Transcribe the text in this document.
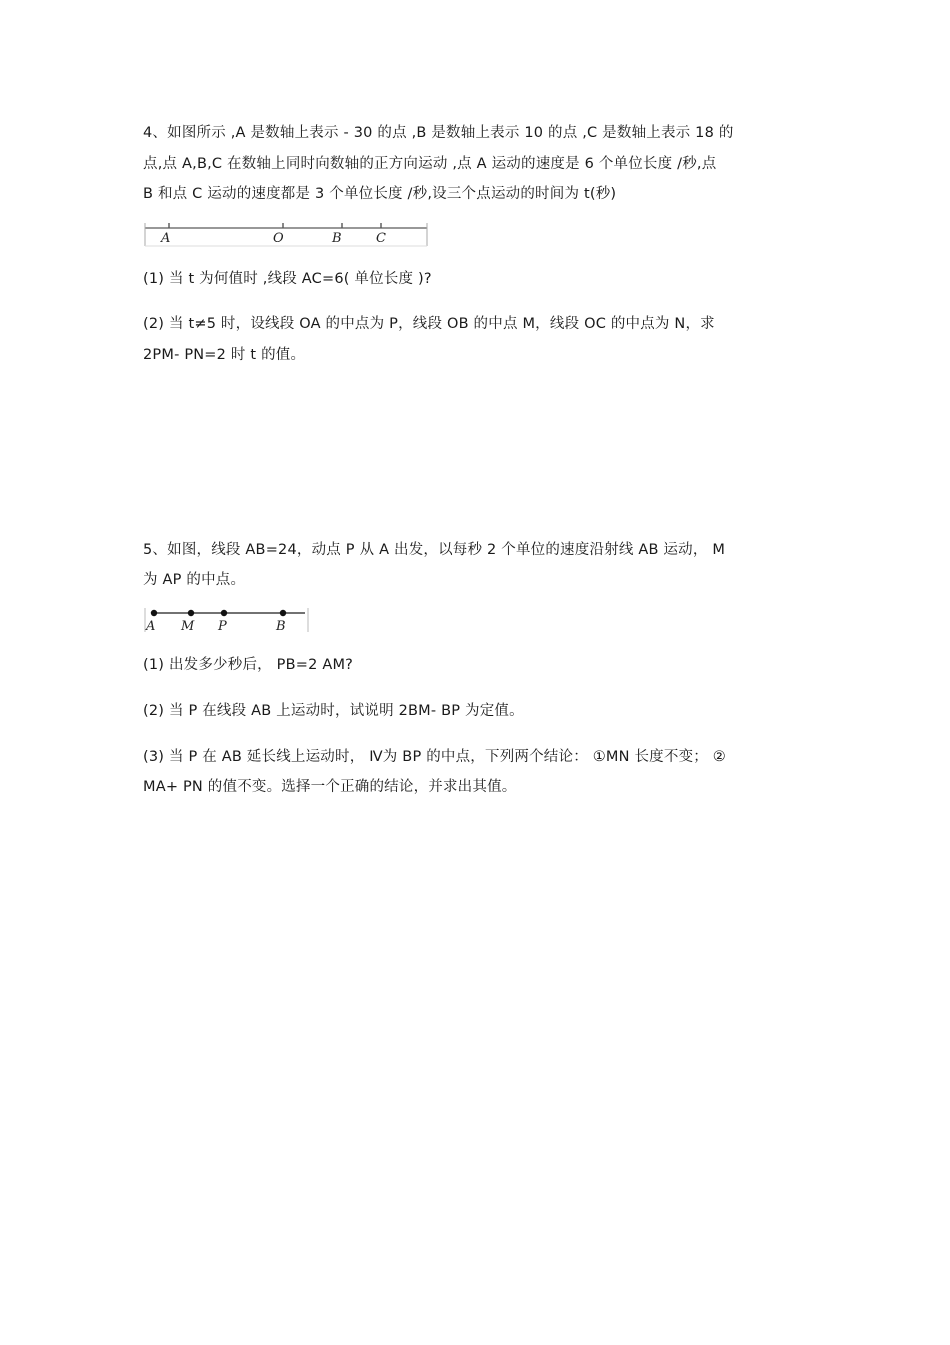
4、如图所示 ,A 是数轴上表示 - 30 的点 ,B 是数轴上表示 10 的点 ,C 是数轴上表示 18 的
点,点 A,B,C 在数轴上同时向数轴的正方向运动 ,点 A 运动的速度是 6 个单位长度 /秒,点
B 和点 C 运动的速度都是 3 个单位长度 /秒,设三个点运动的时间为 t(秒)
A	O	B	C
(1) 当 t 为何值时 ,线段 AC=6( 单位长度 )?
(2) 当 t≠5 时，设线段 OA 的中点为 P，线段 OB 的中点 M，线段 OC 的中点为 N，求
2PM- PN=2 时 t 的值。
5、如图，线段 AB=24，动点 P 从 A 出发，以每秒 2 个单位的速度沿射线 AB 运动， M
为 AP 的中点。
A M P	B
(1) 出发多少秒后， PB=2 AM?
(2) 当 P 在线段 AB 上运动时，试说明 2BM- BP 为定值。
(3) 当 P 在 AB 延长线上运动时， Ⅳ为 BP 的中点，下列两个结论： ①MN 长度不变； ②
MA+ PN 的值不变。选择一个正确的结论，并求出其值。
